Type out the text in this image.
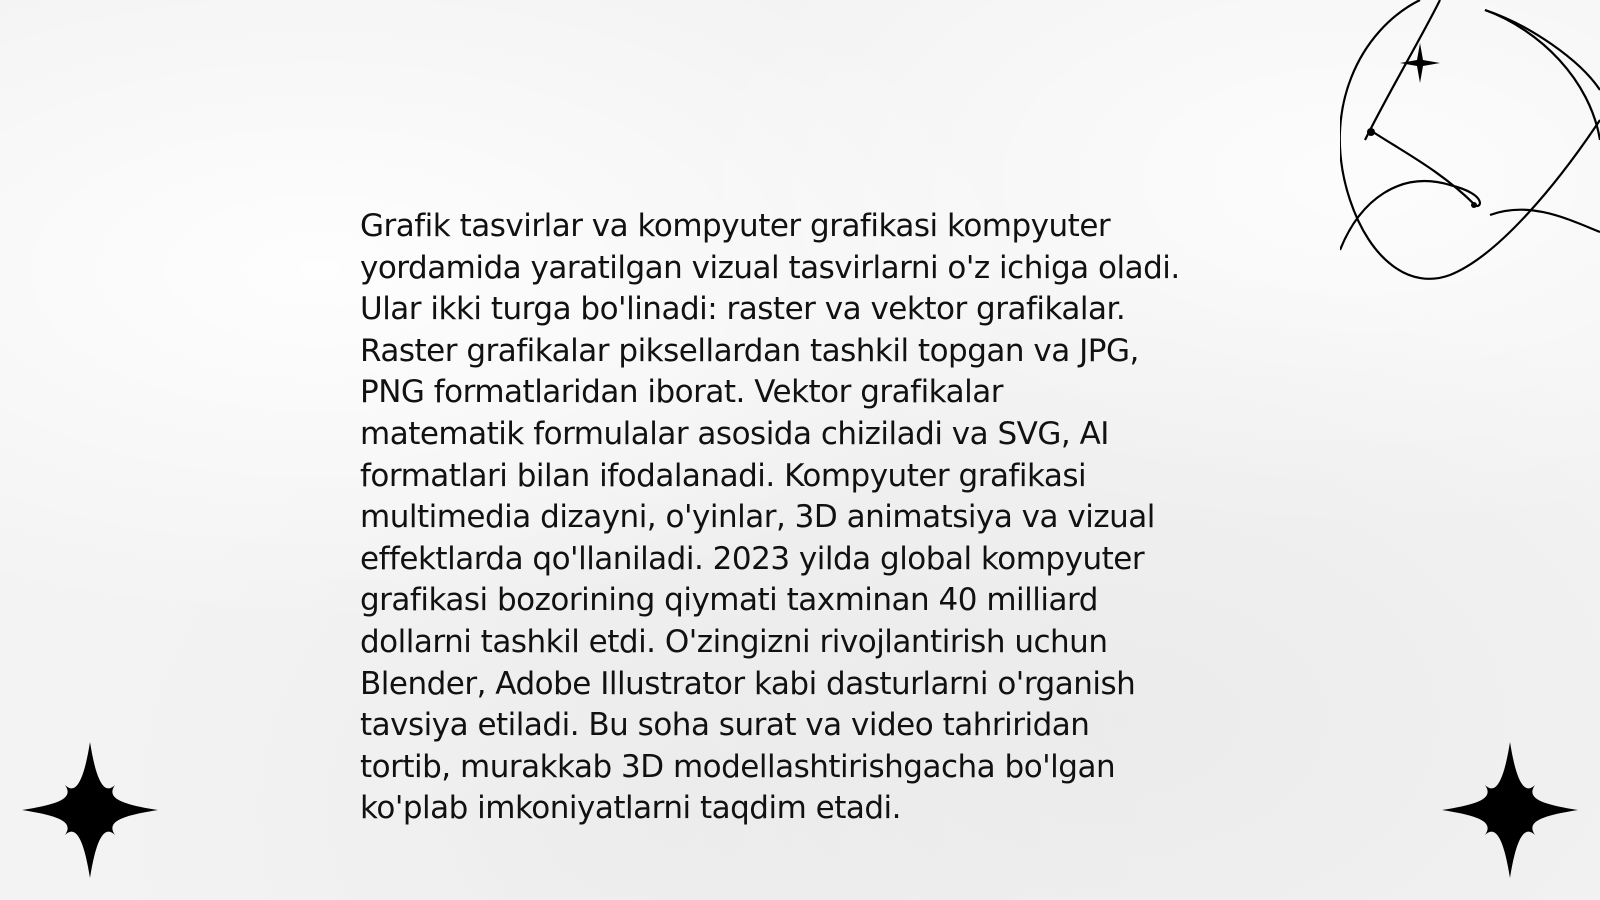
Grafik tasvirlar va kompyuter grafikasi kompyuter
yordamida yaratilgan vizual tasvirlarni o'z ichiga oladi.
Ular ikki turga bo'linadi: raster va vektor grafikalar.
Raster grafikalar piksellardan tashkil topgan va JPG,
PNG formatlaridan iborat. Vektor grafikalar
matematik formulalar asosida chiziladi va SVG, AI
formatlari bilan ifodalanadi. Kompyuter grafikasi
multimedia dizayni, o'yinlar, 3D animatsiya va vizual
effektlarda qo'llaniladi. 2023 yilda global kompyuter
grafikasi bozorining qiymati taxminan 40 milliard
dollarni tashkil etdi. O'zingizni rivojlantirish uchun
Blender, Adobe Illustrator kabi dasturlarni o'rganish
tavsiya etiladi. Bu soha surat va video tahriridan
tortib, murakkab 3D modellashtirishgacha bo'lgan
ko'plab imkoniyatlarni taqdim etadi.
